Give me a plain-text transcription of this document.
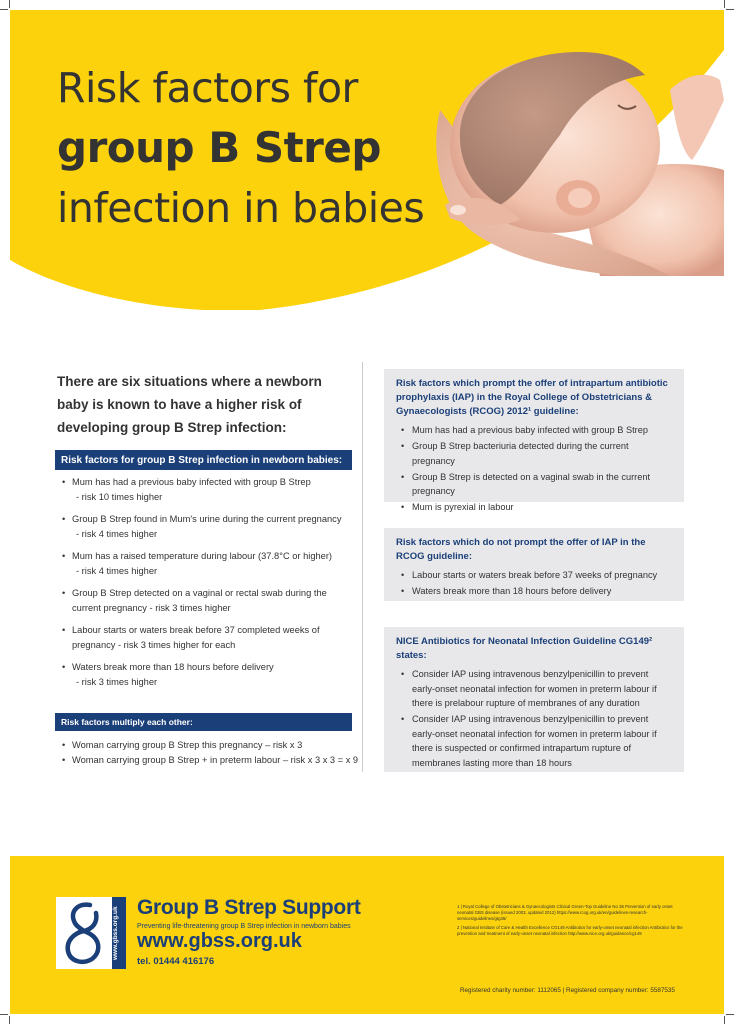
Risk factors for
group B Strep
infection in babies
There are six situations where a newborn baby is known to have a higher risk of developing group B Strep infection:
Risk factors for group B Strep infection in newborn babies:
• Mum has had a previous baby infected with group B Strep
- risk 10 times higher
• Group B Strep found in Mum's urine during the current pregnancy
- risk 4 times higher
• Mum has a raised temperature during labour (37.8°C or higher)
- risk 4 times higher
• Group B Strep detected on a vaginal or rectal swab during the
current pregnancy - risk 3 times higher
• Labour starts or waters break before 37 completed weeks of
pregnancy - risk 3 times higher for each
• Waters break more than 18 hours before delivery
- risk 3 times higher
Risk factors multiply each other:
• Woman carrying group B Strep this pregnancy – risk x 3
• Woman carrying group B Strep + in preterm labour – risk x 3 x 3 = x 9
Risk factors which prompt the offer of intrapartum antibiotic prophylaxis (IAP) in the Royal College of Obstetricians & Gynaecologists (RCOG) 2012¹ guideline:
• Mum has had a previous baby infected with group B Strep
• Group B Strep bacteriuria detected during the current pregnancy
• Group B Strep is detected on a vaginal swab in the current pregnancy
• Mum is pyrexial in labour
Risk factors which do not prompt the offer of IAP in the RCOG guideline:
• Labour starts or waters break before 37 weeks of pregnancy
• Waters break more than 18 hours before delivery
NICE Antibiotics for Neonatal Infection Guideline CG149² states:
• Consider IAP using intravenous benzylpenicillin to prevent early-onset neonatal infection for women in preterm labour if there is prelabour rupture of membranes of any duration
• Consider IAP using intravenous benzylpenicillin to prevent early-onset neonatal infection for women in preterm labour if there is suspected or confirmed intrapartum rupture of membranes lasting more than 18 hours
www.gbss.org.uk Group B Strep Support
Preventing life-threatening group B Strep infection in newborn babies
www.gbss.org.uk
tel. 01444 416176

1 | Royal College of Obstetricians & Gynaecologists Clinical Green-Top Guideline No 36 Prevention of early onset neonatal GBS disease (issued 2003, updated 2012) https://www.rcog.org.uk/en/guidelines-research-services/guidelines/gtg36/

2 | National Institute of Care & Health Excellence CG149 Antibiotics for early-onset neonatal infection Antibiotics for the prevention and treatment of early-onset neonatal infection http://www.nice.org.uk/guidance/cg149

Registered charity number: 1112065 | Registered company number: 5587535
